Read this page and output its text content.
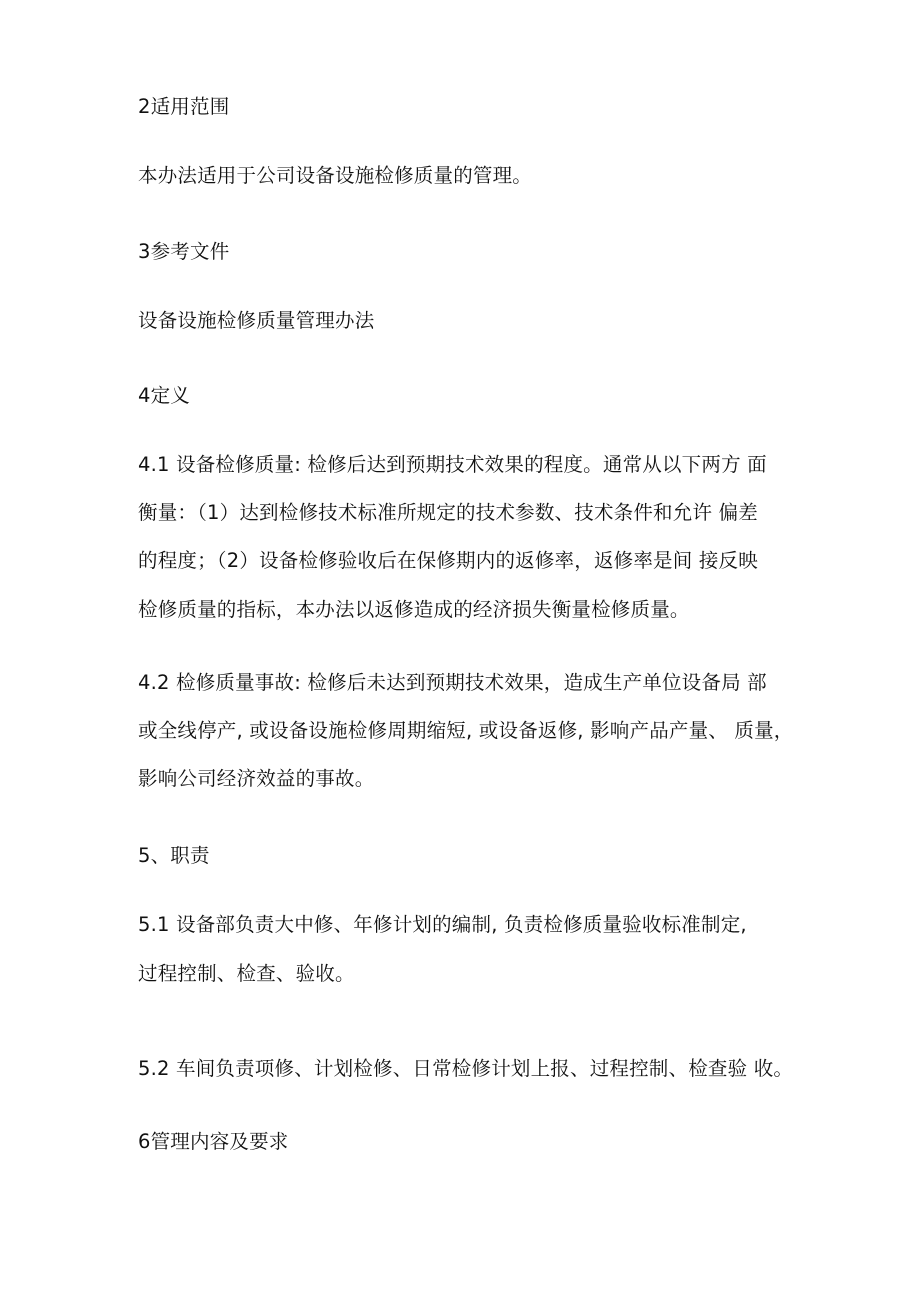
2适用范围
本办法适用于公司设备设施检修质量的管理。
3参考文件
设备设施检修质量管理办法
4定义
4.1 设备检修质量: 检修后达到预期技术效果的程度。通常从以下两方 面
衡量：（1）达到检修技术标准所规定的技术参数、技术条件和允许 偏差
的程度；（2）设备检修验收后在保修期内的返修率，返修率是间 接反映
检修质量的指标，本办法以返修造成的经济损失衡量检修质量。
4.2 检修质量事故: 检修后未达到预期技术效果，造成生产单位设备局 部
或全线停产, 或设备设施检修周期缩短, 或设备返修, 影响产品产量、 质量，
影响公司经济效益的事故。
5、职责
5.1 设备部负责大中修、年修计划的编制, 负责检修质量验收标准制定,
过程控制、检查、验收。
5.2 车间负责项修、计划检修、日常检修计划上报、过程控制、检查验 收。
6管理内容及要求
